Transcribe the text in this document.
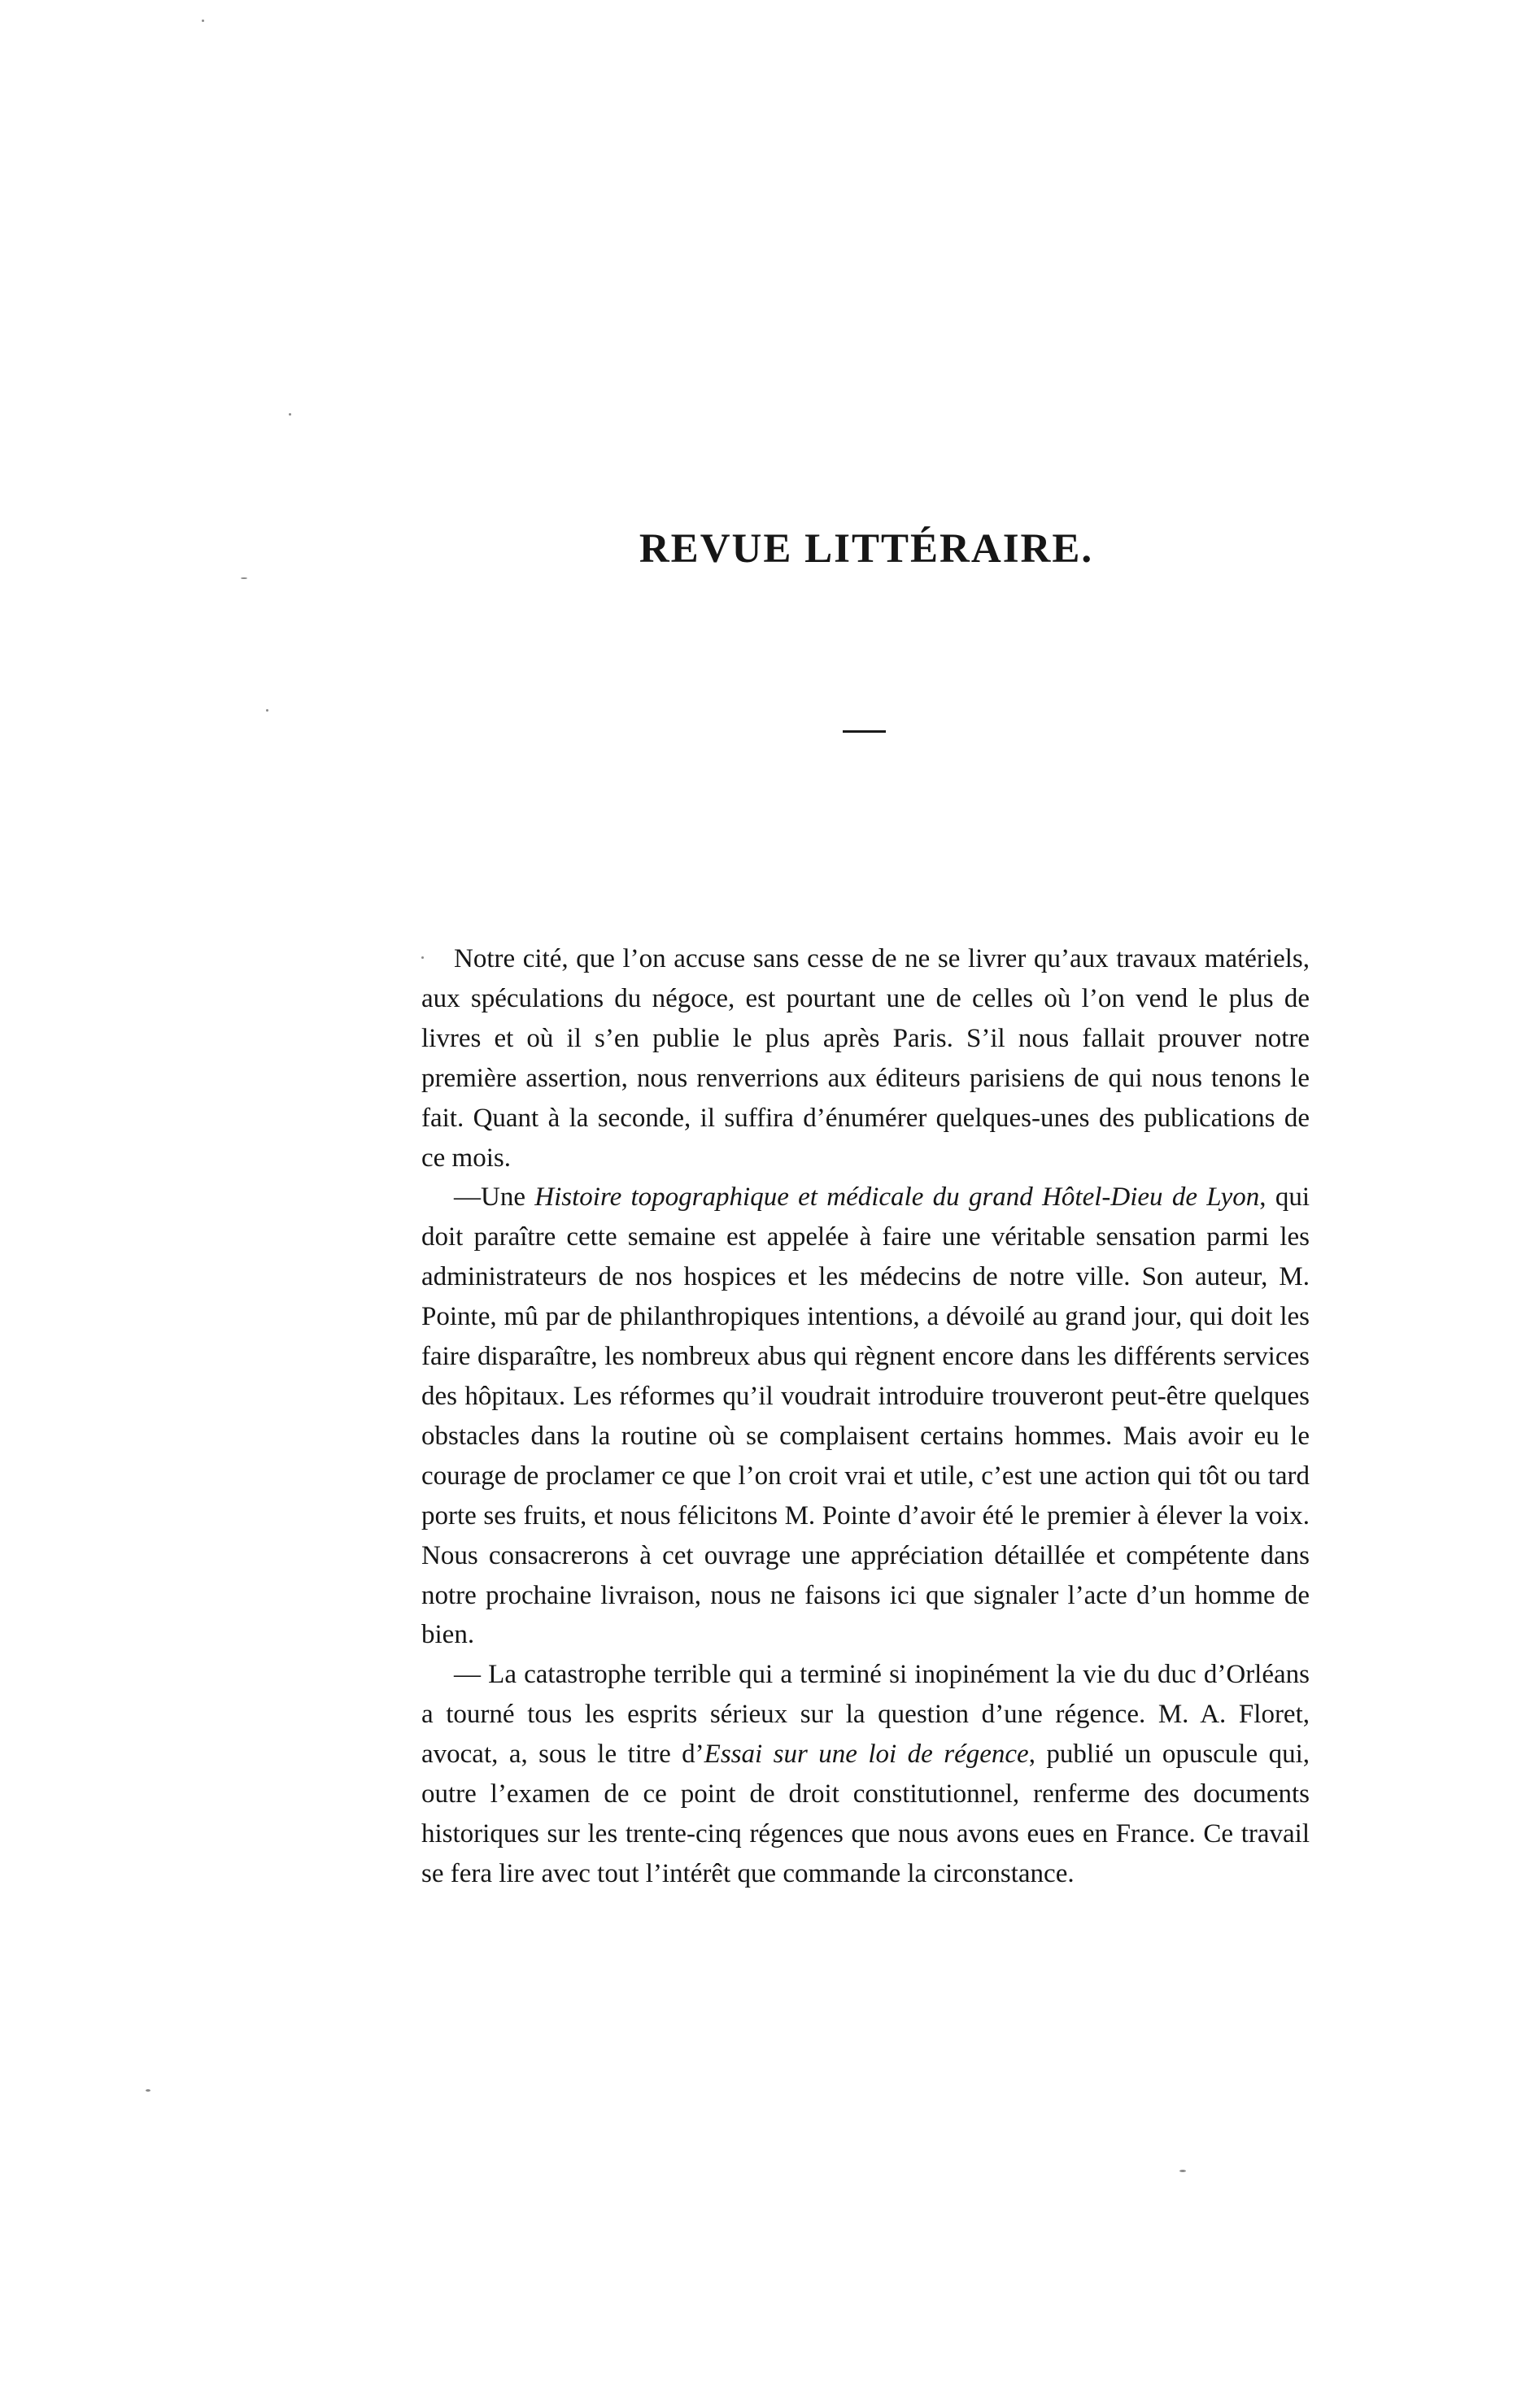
REVUE LITTÉRAIRE.

Notre cité, que l’on accuse sans cesse de ne se livrer qu’aux travaux matériels, aux spéculations du négoce, est pourtant une de celles où l’on vend le plus de livres et où il s’en publie le plus après Paris. S’il nous fallait prouver notre première assertion, nous renverrions aux éditeurs parisiens de qui nous tenons le fait. Quant à la seconde, il suffira d’énumérer quelques-unes des publications de ce mois.

—Une Histoire topographique et médicale du grand Hôtel-Dieu de Lyon, qui doit paraître cette semaine est appelée à faire une véritable sensation parmi les administrateurs de nos hospices et les médecins de notre ville. Son auteur, M. Pointe, mû par de philanthropiques intentions, a dévoilé au grand jour, qui doit les faire disparaître, les nombreux abus qui règnent encore dans les différents services des hôpitaux. Les réformes qu’il voudrait introduire trouveront peut-être quelques obstacles dans la routine où se complaisent certains hommes. Mais avoir eu le courage de proclamer ce que l’on croit vrai et utile, c’est une action qui tôt ou tard porte ses fruits, et nous félicitons M. Pointe d’avoir été le premier à élever la voix. Nous consacrerons à cet ouvrage une appréciation détaillée et compétente dans notre prochaine livraison, nous ne faisons ici que signaler l’acte d’un homme de bien.

— La catastrophe terrible qui a terminé si inopinément la vie du duc d’Orléans a tourné tous les esprits sérieux sur la question d’une régence. M. A. Floret, avocat, a, sous le titre d’Essai sur une loi de régence, publié un opuscule qui, outre l’examen de ce point de droit constitutionnel, renferme des documents historiques sur les trente-cinq régences que nous avons eues en France. Ce travail se fera lire avec tout l’intérêt que commande la circonstance.
